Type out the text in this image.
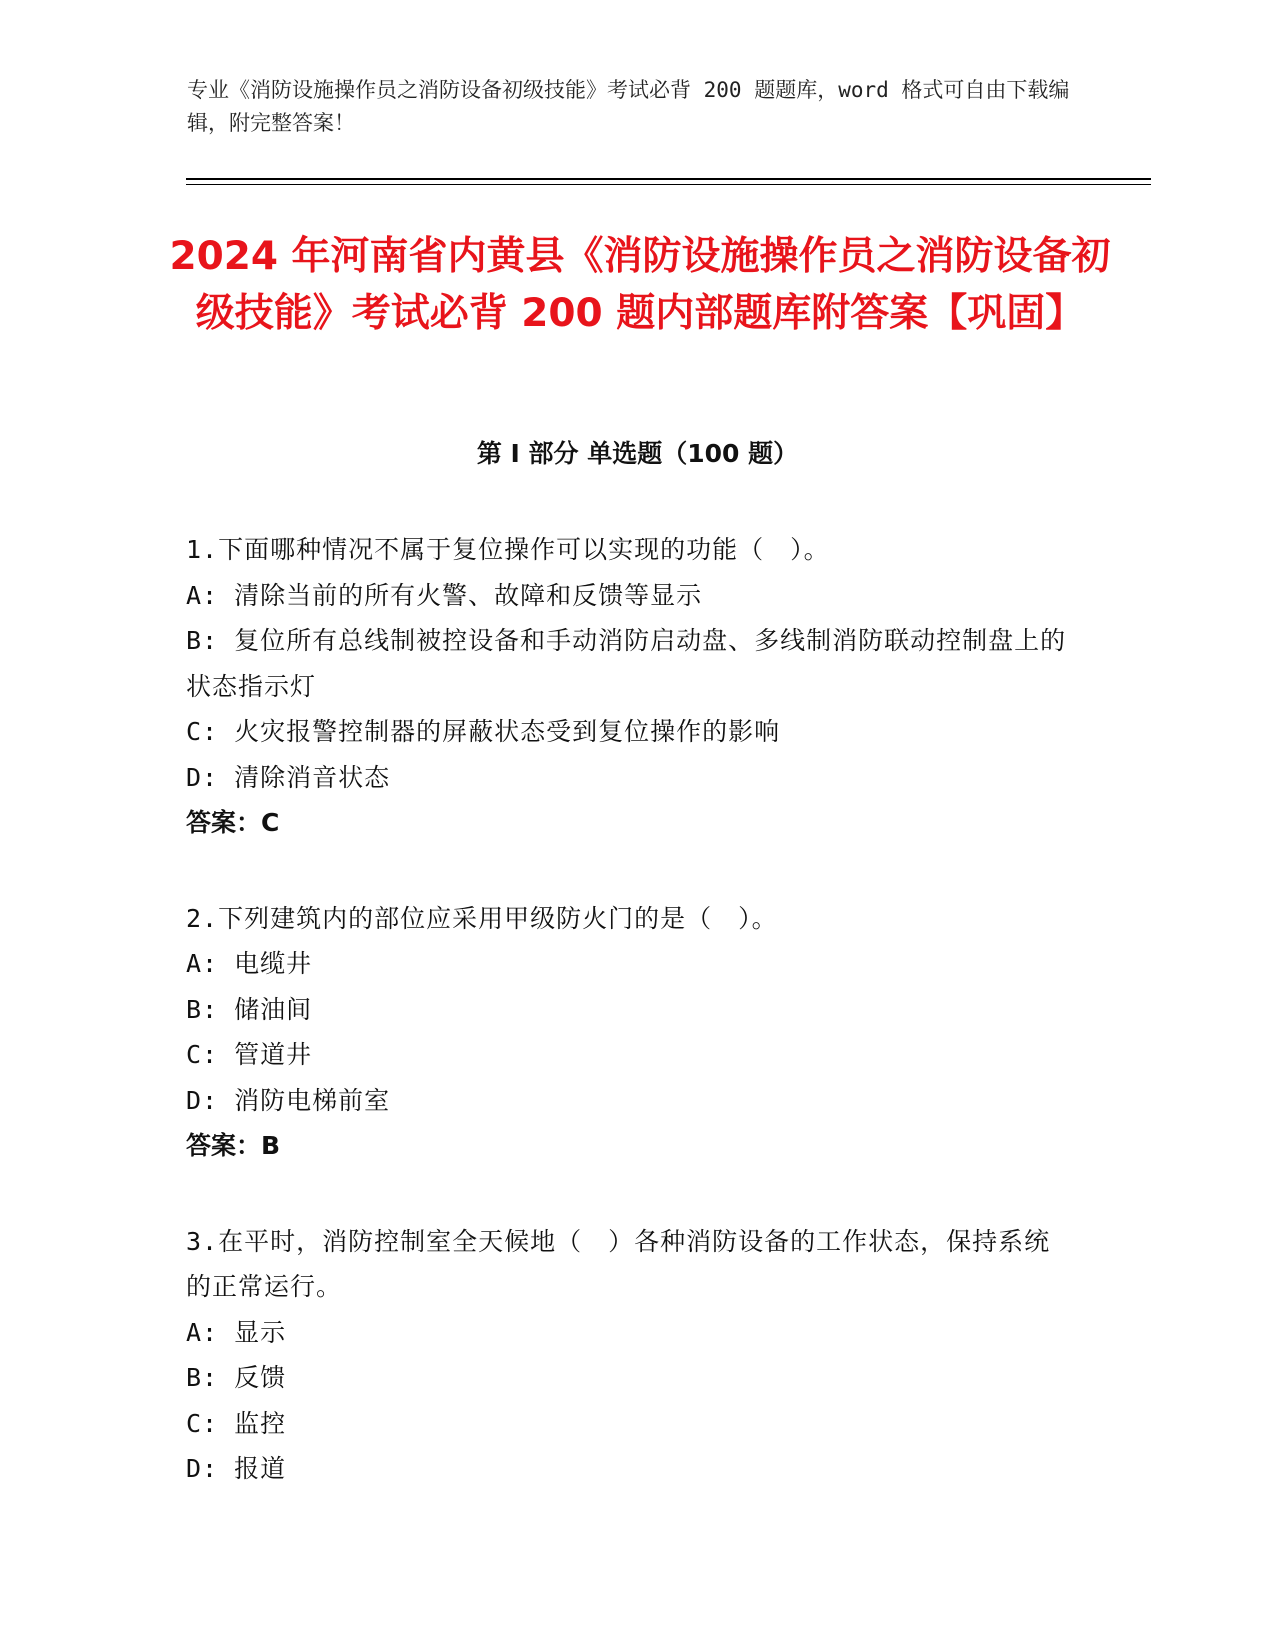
专业《消防设施操作员之消防设备初级技能》考试必背 200 题题库，word 格式可自由下载编辑，附完整答案！
2024 年河南省内黄县《消防设施操作员之消防设备初级技能》考试必背 200 题内部题库附答案【巩固】
第 I 部分 单选题（100 题）
1.下面哪种情况不属于复位操作可以实现的功能（　）。
A: 清除当前的所有火警、故障和反馈等显示
B: 复位所有总线制被控设备和手动消防启动盘、多线制消防联动控制盘上的状态指示灯
C: 火灾报警控制器的屏蔽状态受到复位操作的影响
D: 清除消音状态
答案：C
2.下列建筑内的部位应采用甲级防火门的是（　）。
A: 电缆井
B: 储油间
C: 管道井
D: 消防电梯前室
答案：B
3.在平时，消防控制室全天候地（　）各种消防设备的工作状态，保持系统的正常运行。
A: 显示
B: 反馈
C: 监控
D: 报道
